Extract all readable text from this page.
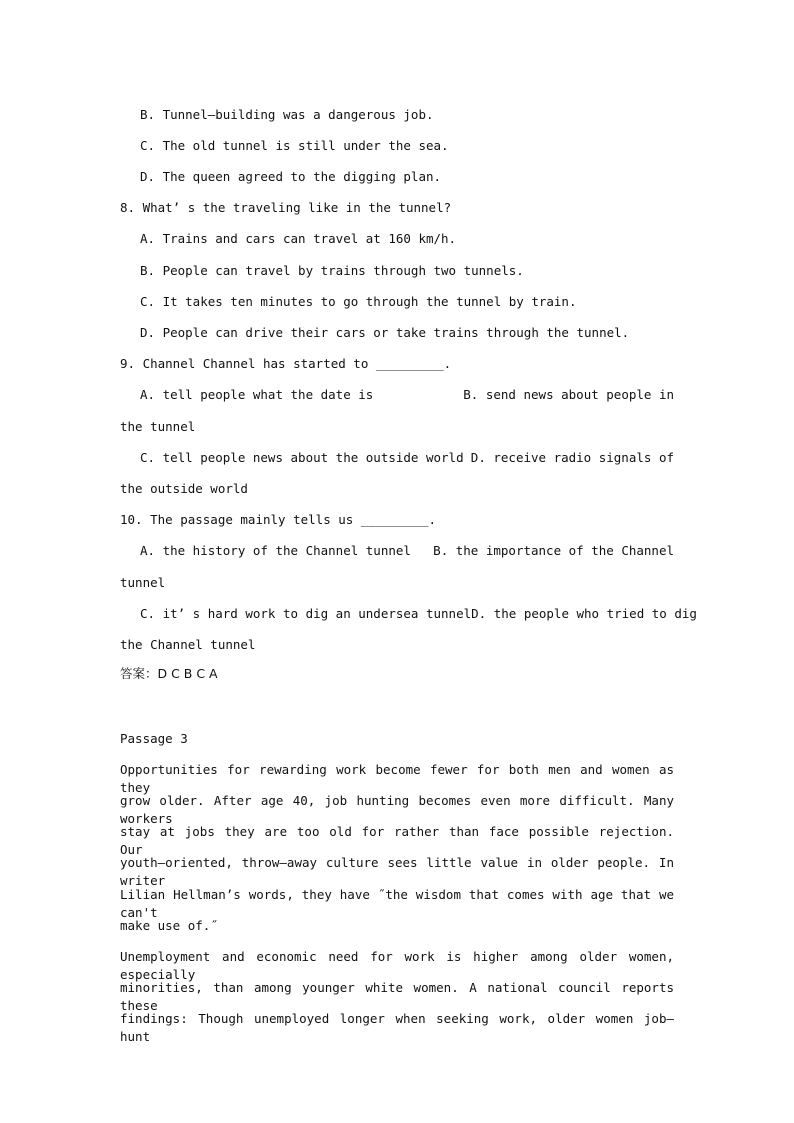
B. Tunnel—building was a dangerous job.
C. The old tunnel is still under the sea.
D. The queen agreed to the digging plan.
8. What’ s the traveling like in the tunnel?
A. Trains and cars can travel at 160 km/h.
B. People can travel by trains through two tunnels.
C. It takes ten minutes to go through the tunnel by train.
D. People can drive their cars or take trains through the tunnel.
9. Channel Channel has started to _________.
A. tell people what the date is	B. send news about people in
the tunnel
C. tell people news about the outside world D. receive radio signals of
the outside world
10. The passage mainly tells us _________.
A. the history of the Channel tunnel B. the importance of the Channel
tunnel
C. it’ s hard work to dig an undersea tunnel D. the people who tried to dig
the Channel tunnel
答案：D C B C A
Passage 3
Opportunities for rewarding work become fewer for both men and women as they
grow older. After age 40, job hunting becomes even more difficult. Many workers
stay at jobs they are too old for rather than face possible rejection. Our
youth—oriented, throw—away culture sees little value in older people. In writer
Lilian Hellman’s words, they have ˝the wisdom that comes with age that we can't
make use of.˝
Unemployment and economic need for work is higher among older women, especially
minorities, than among younger white women. A national council reports these
findings: Though unemployed longer when seeking work, older women job—hunt
